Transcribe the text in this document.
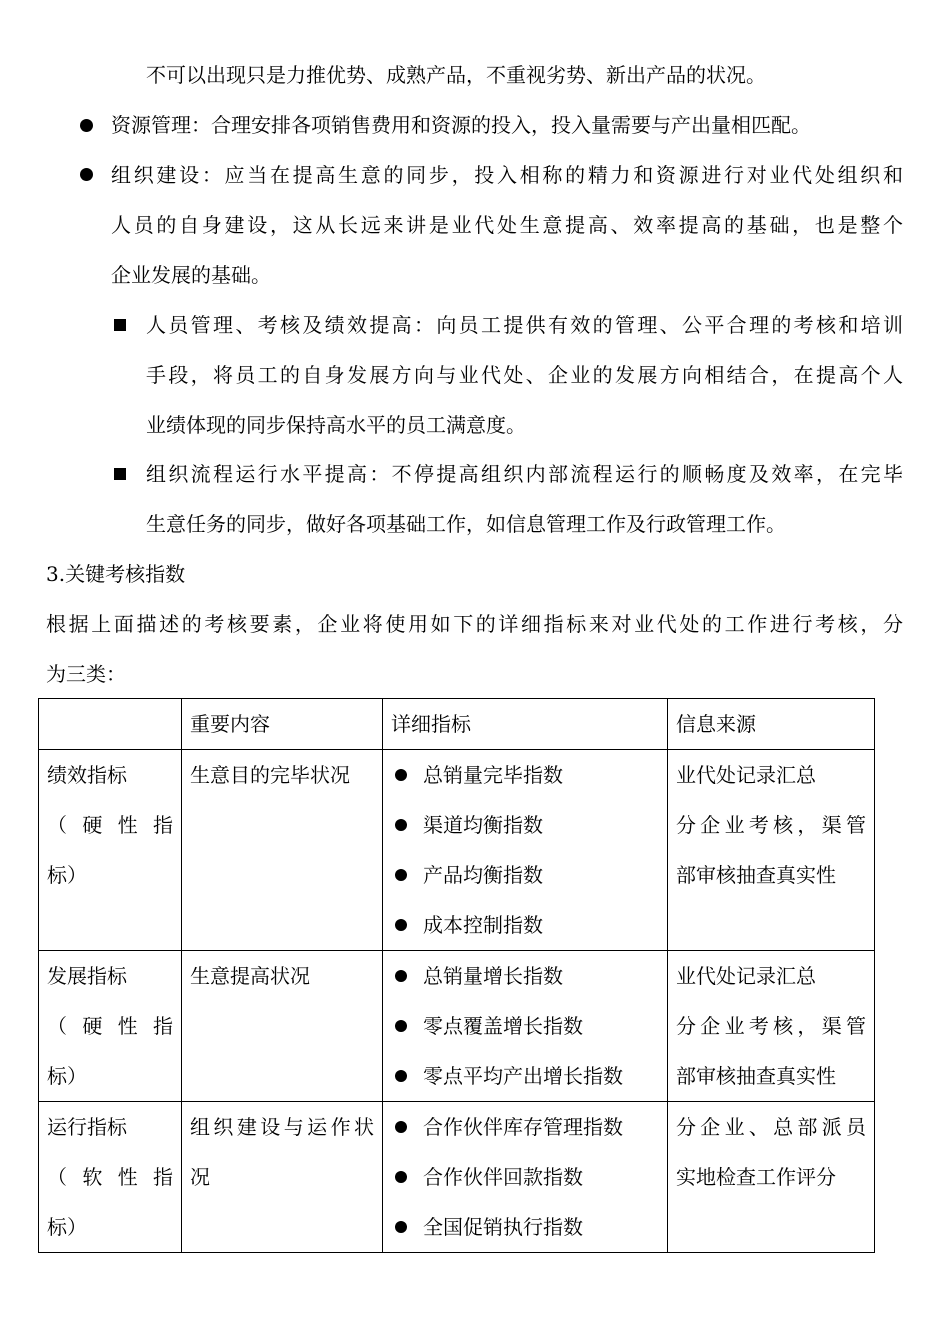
不可以出现只是力推优势、成熟产品，不重视劣势、新出产品的状况。
资源管理：合理安排各项销售费用和资源的投入，投入量需要与产出量相匹配。
组织建设：应当在提高生意的同步，投入相称的精力和资源进行对业代处组织和
人员的自身建设，这从长远来讲是业代处生意提高、效率提高的基础，也是整个
企业发展的基础。
人员管理、考核及绩效提高：向员工提供有效的管理、公平合理的考核和培训
手段，将员工的自身发展方向与业代处、企业的发展方向相结合，在提高个人
业绩体现的同步保持高水平的员工满意度。
组织流程运行水平提高：不停提高组织内部流程运行的顺畅度及效率，在完毕
生意任务的同步，做好各项基础工作，如信息管理工作及行政管理工作。
3.关键考核指数
根据上面描述的考核要素，企业将使用如下的详细指标来对业代处的工作进行考核，分
为三类：

	重要内容	详细指标	信息来源

绩效指标
（ 硬 性 指
标）	生意目的完毕状况	总销量完毕指数
渠道均衡指数
产品均衡指数
成本控制指数	业代处记录汇总
分企业考核，渠管
部审核抽查真实性

发展指标
（ 硬 性 指
标）	生意提高状况	总销量增长指数
零点覆盖增长指数
零点平均产出增长指数	业代处记录汇总
分企业考核，渠管
部审核抽查真实性

运行指标
（ 软 性 指
标）	组织建设与运作状
况	合作伙伴库存管理指数
合作伙伴回款指数
全国促销执行指数	分企业、总部派员
实地检查工作评分
